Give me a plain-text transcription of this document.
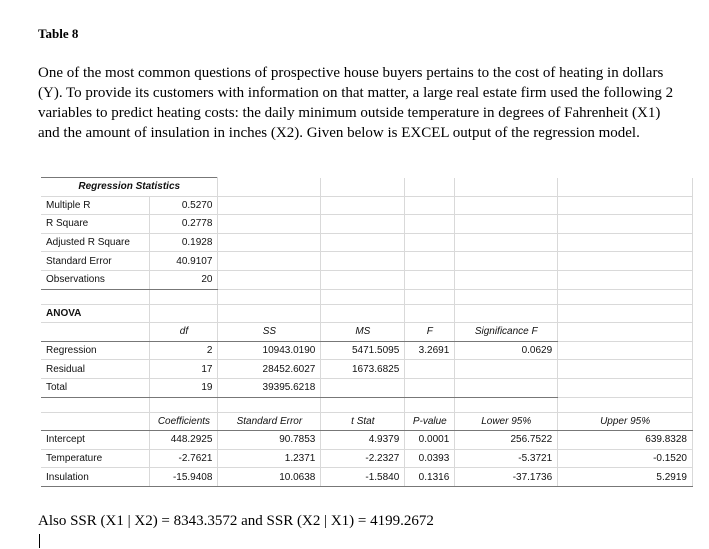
Table 8

One of the most common questions of prospective house buyers pertains to the cost of heating in dollars (Y). To provide its customers with information on that matter, a large real estate firm used the following 2 variables to predict heating costs: the daily minimum outside temperature in degrees of Fahrenheit (X1) and the amount of insulation in inches (X2). Given below is EXCEL output of the regression model.

Regression Statistics						
Multiple R	0.5270					
R Square	0.2778					
Adjusted R Square	0.1928					
Standard Error	40.9107					
Observations	20					

ANOVA						
	df	SS	MS	F	Significance F	
Regression	2	10943.0190	5471.5095	3.2691	0.0629	
Residual	17	28452.6027	1673.6825			
Total	19	39395.6218				

	Coefficients	Standard Error	t Stat	P-value	Lower 95%	Upper 95%
Intercept	448.2925	90.7853	4.9379	0.0001	256.7522	639.8328
Temperature	-2.7621	1.2371	-2.2327	0.0393	-5.3721	-0.1520
Insulation	-15.9408	10.0638	-1.5840	0.1316	-37.1736	5.2919
Also SSR (X1 | X2) = 8343.3572 and SSR (X2 | X1) = 4199.2672
